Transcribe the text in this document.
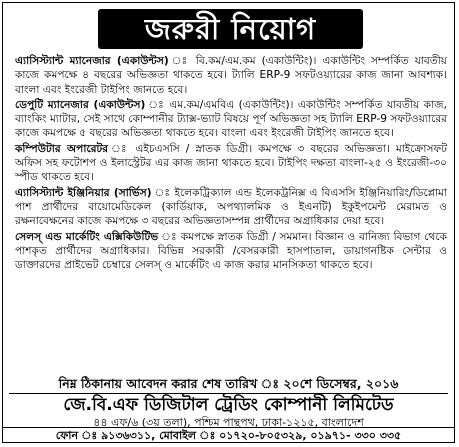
জরুরী নিয়োগ

এ্যাসিস্ট্যান্ট ম্যানেজার (একাউন্টস) ঃ বি.কম/এম.কম (একাউন্টিং)। একাউন্টিং সম্পর্কিত যাবতীয় কাজে কমপক্ষে ৪ বছরের অভিজ্ঞতা থাকতে হবে। ট্যালি ERP-9 সফটওয়্যারের কাজ জানা আবশ্যক। বাংলা এবং ইংরেজী টাইপিং জানতে হবে।

ডেপুটি ম্যানেজার (একাউন্টস) ঃ এম.কম/এমবিএ (একাউন্টিং)। একাউন্টিং সম্পর্কিত যাবতীয় কাজ, ব্যাংকিং ম্যাটার, সেই সাথে কোম্পানীর ট্যাক্স-ভ্যাট বিষয়ে পূর্ণ অভিজ্ঞতা সহ ট্যালি ERP-9 সফটওয়্যারের কাজে কমপক্ষে ৫ বছরের অভিজ্ঞতা থাকতে হবে। বাংলা এবং ইংরেজী টাইপিং জানতে হবে।

কম্পিউটার অপারেটর ঃ এইচএসসি / স্নাতক ডিগ্রী। কমপক্ষে ৩ বছরের অভিজ্ঞতা। মাইক্রোসফট অফিস সহ ফটোশপ ও ইলাস্ট্রেটর এর কাজ জানা থাকতে হবে। টাইপিং দক্ষতা বাংলা-২৫ ও ইংরেজী-৩০ স্পীড থাকতে হবে।

এ্যাসিস্ট্যান্ট ইঞ্জিনিয়ার (সার্ভিস) ঃ ইলেকট্রিক্যাল এন্ড ইলেকট্রনিক্স এ বিএসসি ইঞ্জিনিয়ারিং/ডিপ্লোমা পাশ প্রার্থীদের বায়োমেডিকেল (কার্ডিয়াক, অপথ্যালমিক ও ইএনটি) ইকুইপমেন্ট মেরামত ও রক্ষনাবেক্ষনের কাজে কমপক্ষে ৩ বছরের অভিজ্ঞতাসম্পন্ন প্রার্থীদের অগ্রাধিকার দেয়া হবে।

সেলস্ এন্ড মার্কেটিং এক্সিকিউটিভ ঃ কমপক্ষে স্নাতক ডিগ্রী / সমমান। বিজ্ঞান ও বানিজ্য বিভাগ থেকে পাশকৃত প্রার্থীদের অগ্রাধিকার। বিভিন্ন সরকারী /বেসরকারী হাসপাতাল, ডায়াগনষ্টিক সেন্টার ও ডাক্তারদের প্রাইভেট চেম্বারে সেলস্ ও মার্কেটিং এ কাজ করার মানসিকতা থাকতে হবে।

নিম্ন ঠিকানায় আবেদন করার শেষ তারিখ ঃ ২০শে ডিসেম্বর, ২০১৬
জে.বি.এফ ডিজিটাল ট্রেডিং কোম্পানী লিমিটেড
৪৪ এফ/৬ (৩য় তলা), পশ্চিম পান্থপথ, ঢাকা-১২১৫, বাংলাদেশ
ফোন ঃ ৯১৩৬৩১১, মোবাইল ঃ ০১৭২০-৮০৫৩২৯, ০১৯৭১- ৩৩০ ৩৩৫
